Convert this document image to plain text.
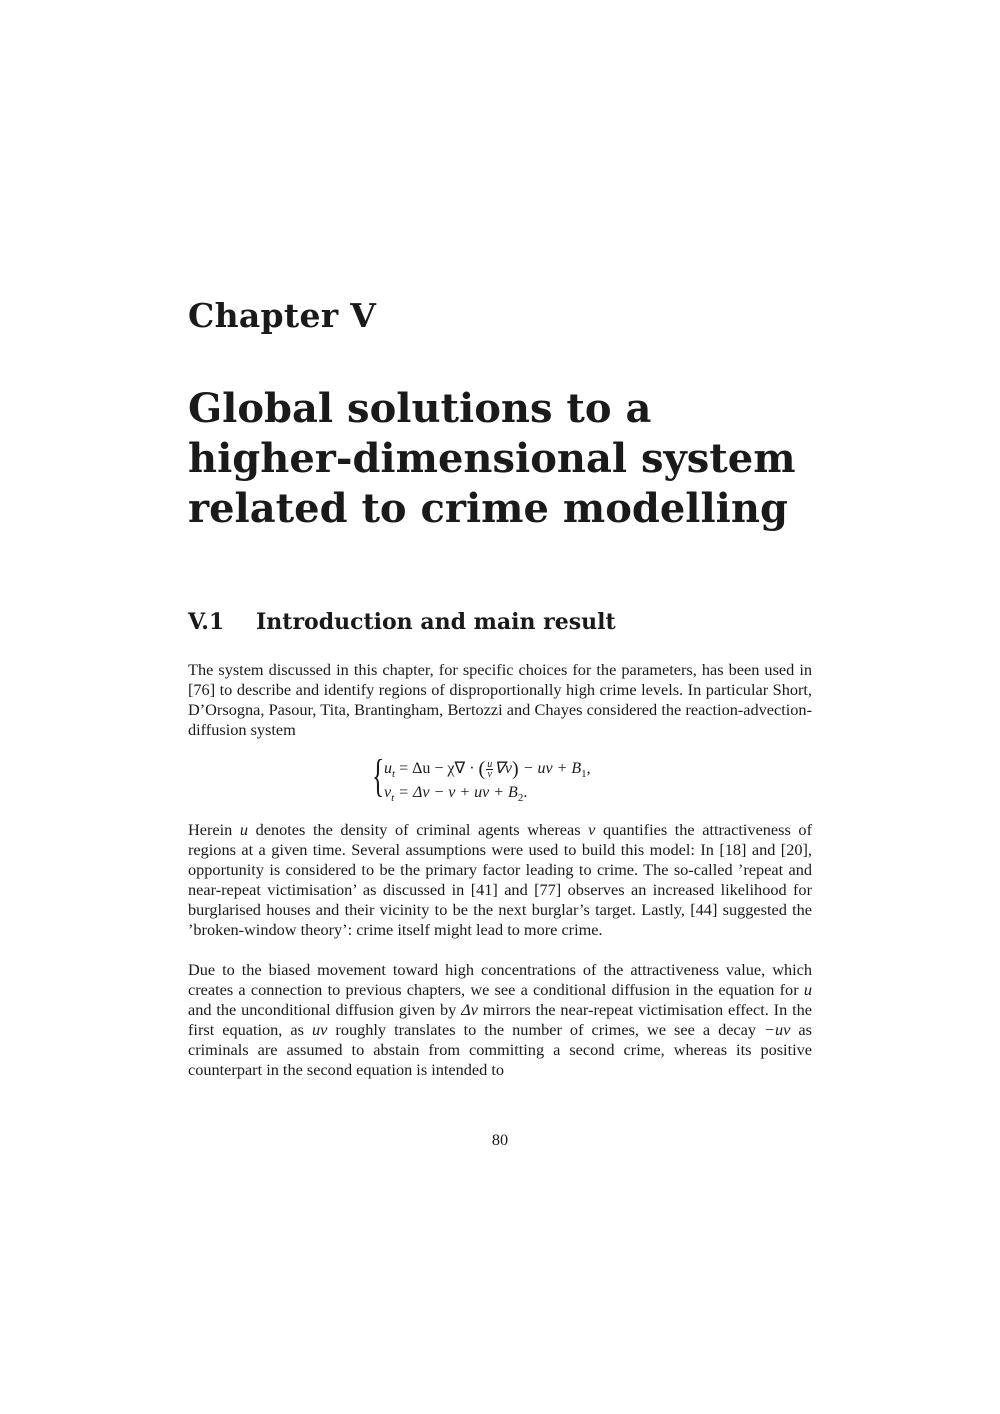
Chapter V
Global solutions to a
higher-dimensional system
related to crime modelling
V.1 Introduction and main result

The system discussed in this chapter, for specific choices for the parameters, has been used in [76] to describe and identify regions of disproportionally high crime levels. In particular Short, D’Orsogna, Pasour, Tita, Brantingham, Bertozzi and Chayes considered the reaction-advection-diffusion system

{ $u_t = \Delta u - \chi\nabla$ · ( $\frac{u}{v} \nabla v$) − uv + $B_1$,
$v_t = \Delta v - v$ + uv + $B_2$.

Herein u denotes the density of criminal agents whereas v quantifies the attractiveness of regions at a given time. Several assumptions were used to build this model: In [18] and [20], opportunity is considered to be the primary factor leading to crime. The so-called ’repeat and near-repeat victimisation’ as discussed in [41] and [77] observes an increased likelihood for burglarised houses and their vicinity to be the next burglar’s target. Lastly, [44] suggested the ’broken-window theory’: crime itself might lead to more crime.

Due to the biased movement toward high concentrations of the attractiveness value, which creates a connection to previous chapters, we see a conditional diffusion in the equation for u and the unconditional diffusion given by Δv mirrors the near-repeat victimisation effect. In the first equation, as uv roughly translates to the number of crimes, we see a decay −uv as criminals are assumed to abstain from committing a second crime, whereas its positive counterpart in the second equation is intended to

80
